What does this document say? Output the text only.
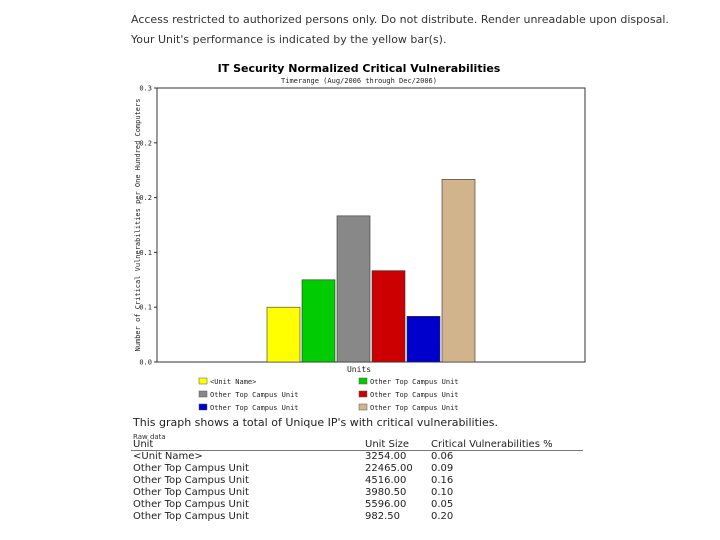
Access restricted to authorized persons only. Do not distribute. Render unreadable upon disposal.
Your Unit's performance is indicated by the yellow bar(s).
IT Security Normalized Critical Vulnerabilities
Timerange (Aug/2006 through Dec/2006)
0.0
0.1
0.1
0.2
0.2
0.3
Number of Critical Vulnerabilities per One Hundred Computers
Units
<Unit Name>	Other Top Campus Unit
Other Top Campus Unit	Other Top Campus Unit
Other Top Campus Unit	Other Top Campus Unit
This graph shows a total of Unique IP's with critical vulnerabilities.
Raw data
Unit	Unit Size	Critical Vulnerabilities %
<Unit Name>	3254.00	0.06
Other Top Campus Unit	22465.00	0.09
Other Top Campus Unit	4516.00	0.16
Other Top Campus Unit	3980.50	0.10
Other Top Campus Unit	5596.00	0.05
Other Top Campus Unit	982.50	0.20
